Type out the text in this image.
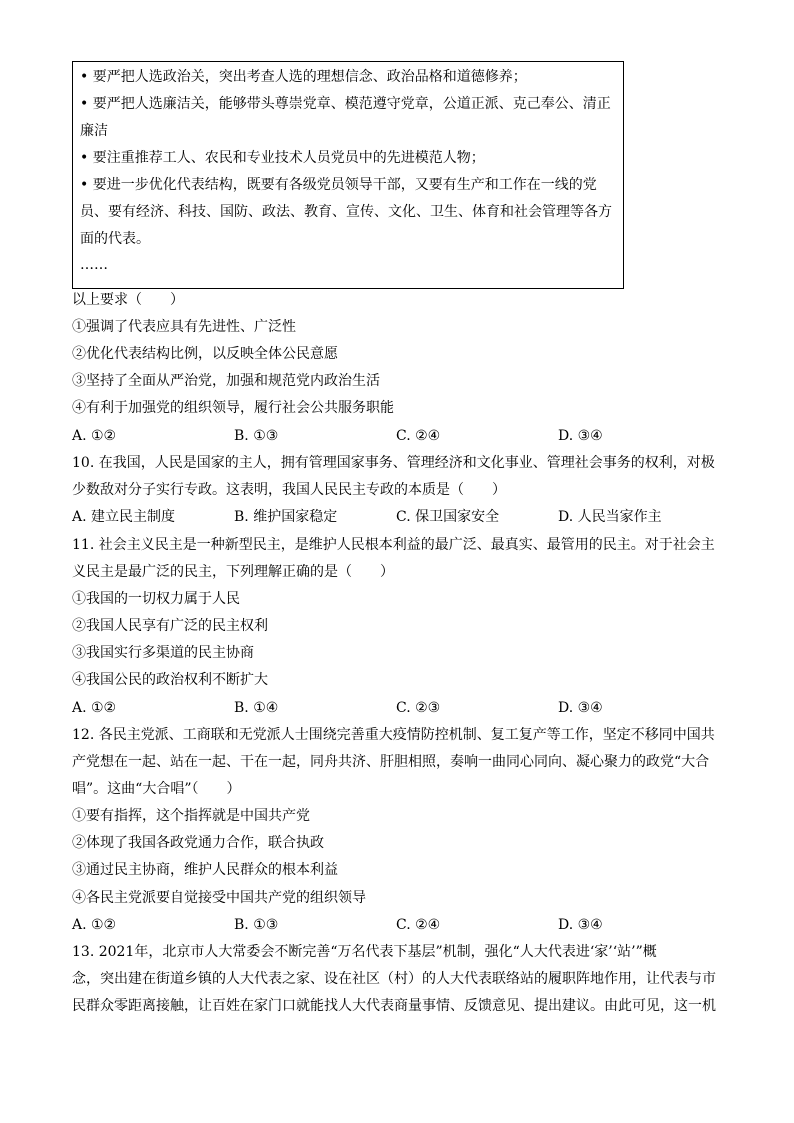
• 要严把人选政治关，突出考查人选的理想信念、政治品格和道德修养；
• 要严把人选廉洁关，能够带头尊崇党章、模范遵守党章，公道正派、克己奉公、清正
廉洁
• 要注重推荐工人、农民和专业技术人员党员中的先进模范人物；
• 要进一步优化代表结构，既要有各级党员领导干部，又要有生产和工作在一线的党
员、要有经济、科技、国防、政法、教育、宣传、文化、卫生、体育和社会管理等各方
面的代表。
……
以上要求（　　）
①强调了代表应具有先进性、广泛性
②优化代表结构比例，以反映全体公民意愿
③坚持了全面从严治党，加强和规范党内政治生活
④有利于加强党的组织领导，履行社会公共服务职能
A. ①②	B. ①③	C. ②④	D. ③④
10. 在我国，人民是国家的主人，拥有管理国家事务、管理经济和文化事业、管理社会事务的权利，对极
少数敌对分子实行专政。这表明，我国人民民主专政的本质是（　　）
A. 建立民主制度	B. 维护国家稳定	C. 保卫国家安全	D. 人民当家作主
11. 社会主义民主是一种新型民主，是维护人民根本利益的最广泛、最真实、最管用的民主。对于社会主
义民主是最广泛的民主，下列理解正确的是（　　）
①我国的一切权力属于人民
②我国人民享有广泛的民主权利
③我国实行多渠道的民主协商
④我国公民的政治权利不断扩大
A. ①②	B. ①④	C. ②③	D. ③④
12. 各民主党派、工商联和无党派人士围绕完善重大疫情防控机制、复工复产等工作，坚定不移同中国共
产党想在一起、站在一起、干在一起，同舟共济、肝胆相照，奏响一曲同心同向、凝心聚力的政党“大合
唱”。这曲“大合唱”（　　）
①要有指挥，这个指挥就是中国共产党
②体现了我国各政党通力合作，联合执政
③通过民主协商，维护人民群众的根本利益
④各民主党派要自觉接受中国共产党的组织领导
A. ①②	B. ①③	C. ②④	D. ③④
13. 2021年，北京市人大常委会不断完善“万名代表下基层”机制，强化“人大代表进‘家’‘站’”概
念，突出建在街道乡镇的人大代表之家、设在社区（村）的人大代表联络站的履职阵地作用，让代表与市
民群众零距离接触，让百姓在家门口就能找人大代表商量事情、反馈意见、提出建议。由此可见，这一机
